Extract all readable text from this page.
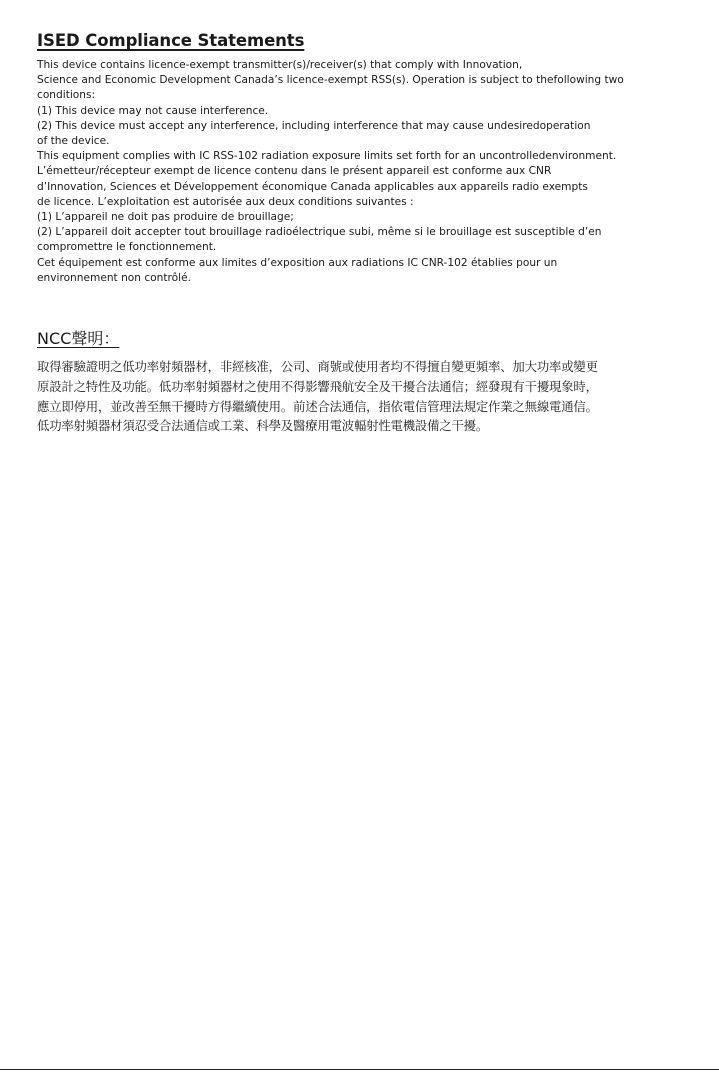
ISED Compliance Statements
This device contains licence-exempt transmitter(s)/receiver(s) that comply with Innovation,
Science and Economic Development Canada’s licence-exempt RSS(s). Operation is subject to thefollowing two
conditions:
(1) This device may not cause interference.
(2) This device must accept any interference, including interference that may cause undesiredoperation
of the device.
This equipment complies with IC RSS-102 radiation exposure limits set forth for an uncontrolledenvironment.
L’émetteur/récepteur exempt de licence contenu dans le présent appareil est conforme aux CNR
d’Innovation, Sciences et Développement économique Canada applicables aux appareils radio exempts
de licence. L’exploitation est autorisée aux deux conditions suivantes :
(1) L’appareil ne doit pas produire de brouillage;
(2) L’appareil doit accepter tout brouillage radioélectrique subi, même si le brouillage est susceptible d’en
compromettre le fonctionnement.
Cet équipement est conforme aux limites d’exposition aux radiations IC CNR-102 établies pour un
environnement non contrôlé.
NCC聲明：
取得審驗證明之低功率射頻器材，非經核准，公司、商號或使用者均不得擅自變更頻率、加大功率或變更
原設計之特性及功能。低功率射頻器材之使用不得影響飛航安全及干擾合法通信；經發現有干擾現象時，
應立即停用，並改善至無干擾時方得繼續使用。前述合法通信，指依電信管理法規定作業之無線電通信。
低功率射頻器材須忍受合法通信或工業、科學及醫療用電波輻射性電機設備之干擾。
